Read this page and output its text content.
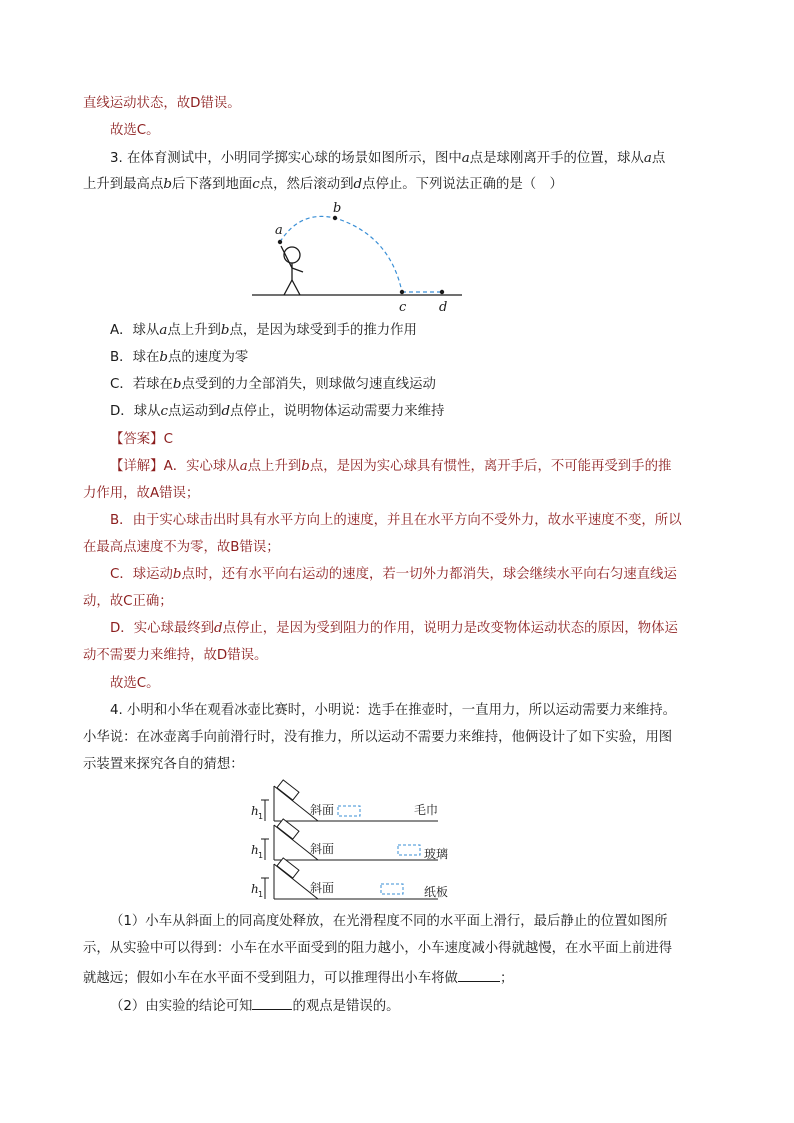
直线运动状态，故D错误。
故选C。
3. 在体育测试中，小明同学掷实心球的场景如图所示，图中a点是球刚离开手的位置，球从a点
上升到最高点b后下落到地面c点，然后滚动到d点停止。下列说法正确的是（　）
a
b
c	d
A．球从a点上升到b点，是因为球受到手的推力作用
B．球在b点的速度为零
C．若球在b点受到的力全部消失，则球做匀速直线运动
D．球从c点运动到d点停止，说明物体运动需要力来维持
【答案】C
【详解】A．实心球从a点上升到b点，是因为实心球具有惯性，离开手后，不可能再受到手的推
力作用，故A错误；
B．由于实心球击出时具有水平方向上的速度，并且在水平方向不受外力，故水平速度不变，所以
在最高点速度不为零，故B错误；
C．球运动b点时，还有水平向右运动的速度，若一切外力都消失，球会继续水平向右匀速直线运
动，故C正确；
D．实心球最终到d点停止，是因为受到阻力的作用，说明力是改变物体运动状态的原因，物体运
动不需要力来维持，故D错误。
故选C。
4. 小明和小华在观看冰壶比赛时，小明说：选手在推壶时，一直用力，所以运动需要力来维持。
小华说：在冰壶离手向前滑行时，没有推力，所以运动不需要力来维持，他俩设计了如下实验，用图
示装置来探究各自的猜想：
h 1	斜面	毛巾
h 1	斜面	玻璃
h 1	斜面	纸板
（1）小车从斜面上的同高度处释放，在光滑程度不同的水平面上滑行，最后静止的位置如图所
示，从实验中可以得到：小车在水平面受到的阻力越小，小车速度减小得就越慢，在水平面上前进得
就越远；假如小车在水平面不受到阻力，可以推理得出小车将做	；
（2）由实验的结论可知	的观点是错误的。
